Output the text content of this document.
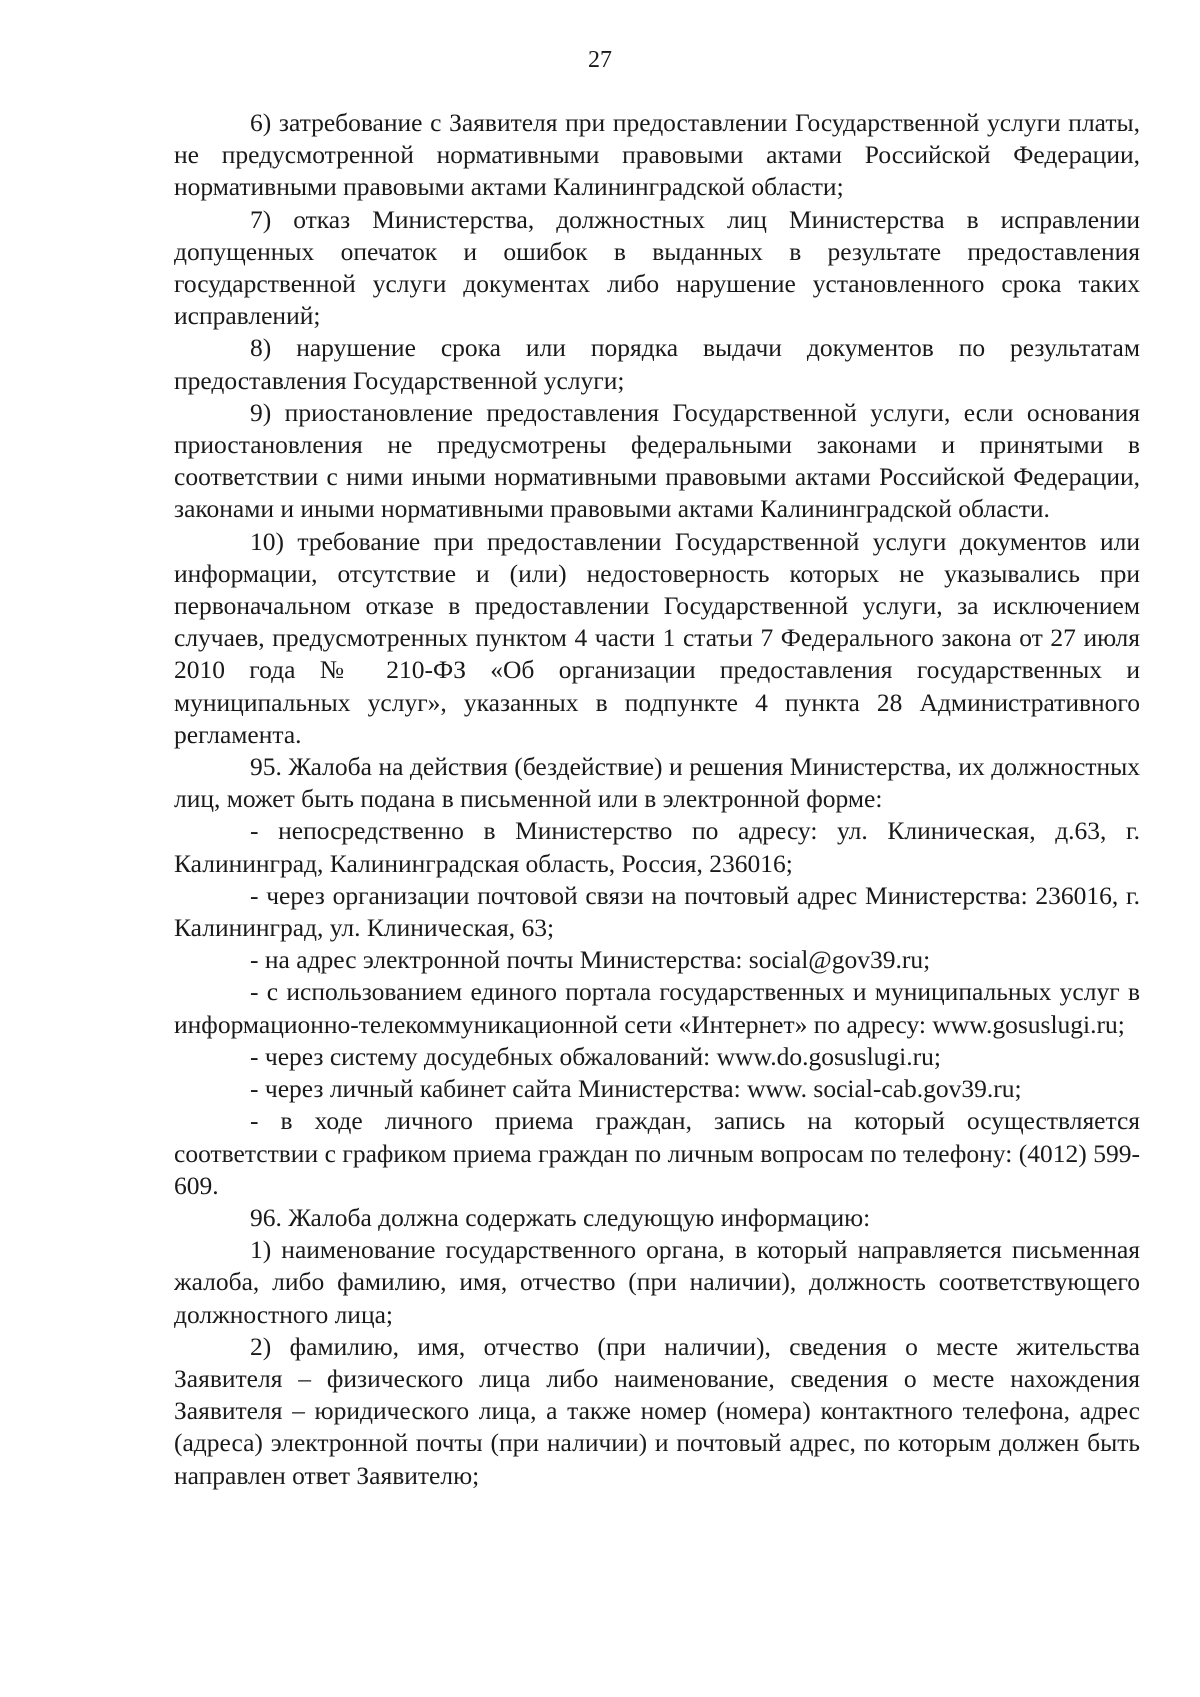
27

6) затребование с Заявителя при предоставлении Государственной услуги платы, не предусмотренной нормативными правовыми актами Российской Федерации, нормативными правовыми актами Калининградской области;

7) отказ Министерства, должностных лиц Министерства в исправлении допущенных опечаток и ошибок в выданных в результате предоставления государственной услуги документах либо нарушение установленного срока таких исправлений;

8) нарушение срока или порядка выдачи документов по результатам предоставления Государственной услуги;

9) приостановление предоставления Государственной услуги, если основания приостановления не предусмотрены федеральными законами и принятыми в соответствии с ними иными нормативными правовыми актами Российской Федерации, законами и иными нормативными правовыми актами Калининградской области.

10) требование при предоставлении Государственной услуги документов или информации, отсутствие и (или) недостоверность которых не указывались при первоначальном отказе в предоставлении Государственной услуги, за исключением случаев, предусмотренных пунктом 4 части 1 статьи 7 Федерального закона от 27 июля 2010 года № 210-ФЗ «Об организации предоставления государственных и муниципальных услуг», указанных в подпункте 4 пункта 28 Административного регламента.

95. Жалоба на действия (бездействие) и решения Министерства, их должностных лиц, может быть подана в письменной или в электронной форме:

- непосредственно в Министерство по адресу: ул. Клиническая, д.63, г. Калининград, Калининградская область, Россия, 236016;

- через организации почтовой связи на почтовый адрес Министерства: 236016, г. Калининград, ул. Клиническая, 63;

- на адрес электронной почты Министерства: social@gov39.ru;

- с использованием единого портала государственных и муниципальных услуг в информационно-телекоммуникационной сети «Интернет» по адресу: www.gosuslugi.ru;

- через систему досудебных обжалований: www.do.gosuslugi.ru;

- через личный кабинет сайта Министерства: www. social-cab.gov39.ru;

- в ходе личного приема граждан, запись на который осуществляется соответствии с графиком приема граждан по личным вопросам по телефону: (4012) 599-609.

96. Жалоба должна содержать следующую информацию:

1) наименование государственного органа, в который направляется письменная жалоба, либо фамилию, имя, отчество (при наличии), должность соответствующего должностного лица;

2) фамилию, имя, отчество (при наличии), сведения о месте жительства Заявителя – физического лица либо наименование, сведения о месте нахождения Заявителя – юридического лица, а также номер (номера) контактного телефона, адрес (адреса) электронной почты (при наличии) и почтовый адрес, по которым должен быть направлен ответ Заявителю;
